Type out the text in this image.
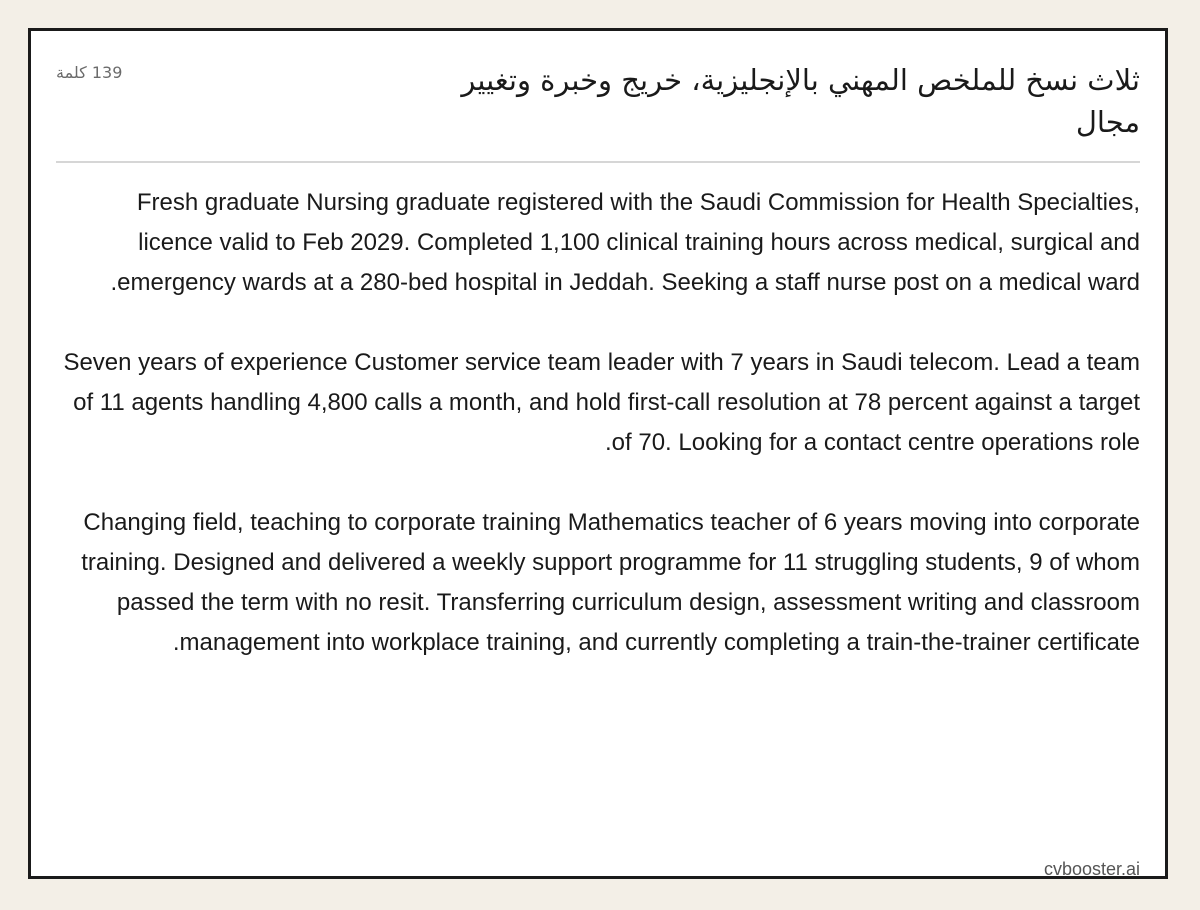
ثلاث نسخ للملخص المهني بالإنجليزية، خريج وخبرة وتغيير مجال
139 كلمة

Fresh graduate Nursing graduate registered with the Saudi Commission for Health Specialties, licence valid to Feb 2029. Completed 1,100 clinical training hours across medical, surgical and emergency wards at a 280-bed hospital in Jeddah. Seeking a staff nurse post on a medical ward.

Seven years of experience Customer service team leader with 7 years in Saudi telecom. Lead a team of 11 agents handling 4,800 calls a month, and hold first-call resolution at 78 percent against a target of 70. Looking for a contact centre operations role.

Changing field, teaching to corporate training Mathematics teacher of 6 years moving into corporate training. Designed and delivered a weekly support programme for 11 struggling students, 9 of whom passed the term with no resit. Transferring curriculum design, assessment writing and classroom management into workplace training, and currently completing a train-the-trainer certificate.

cvbooster.ai
